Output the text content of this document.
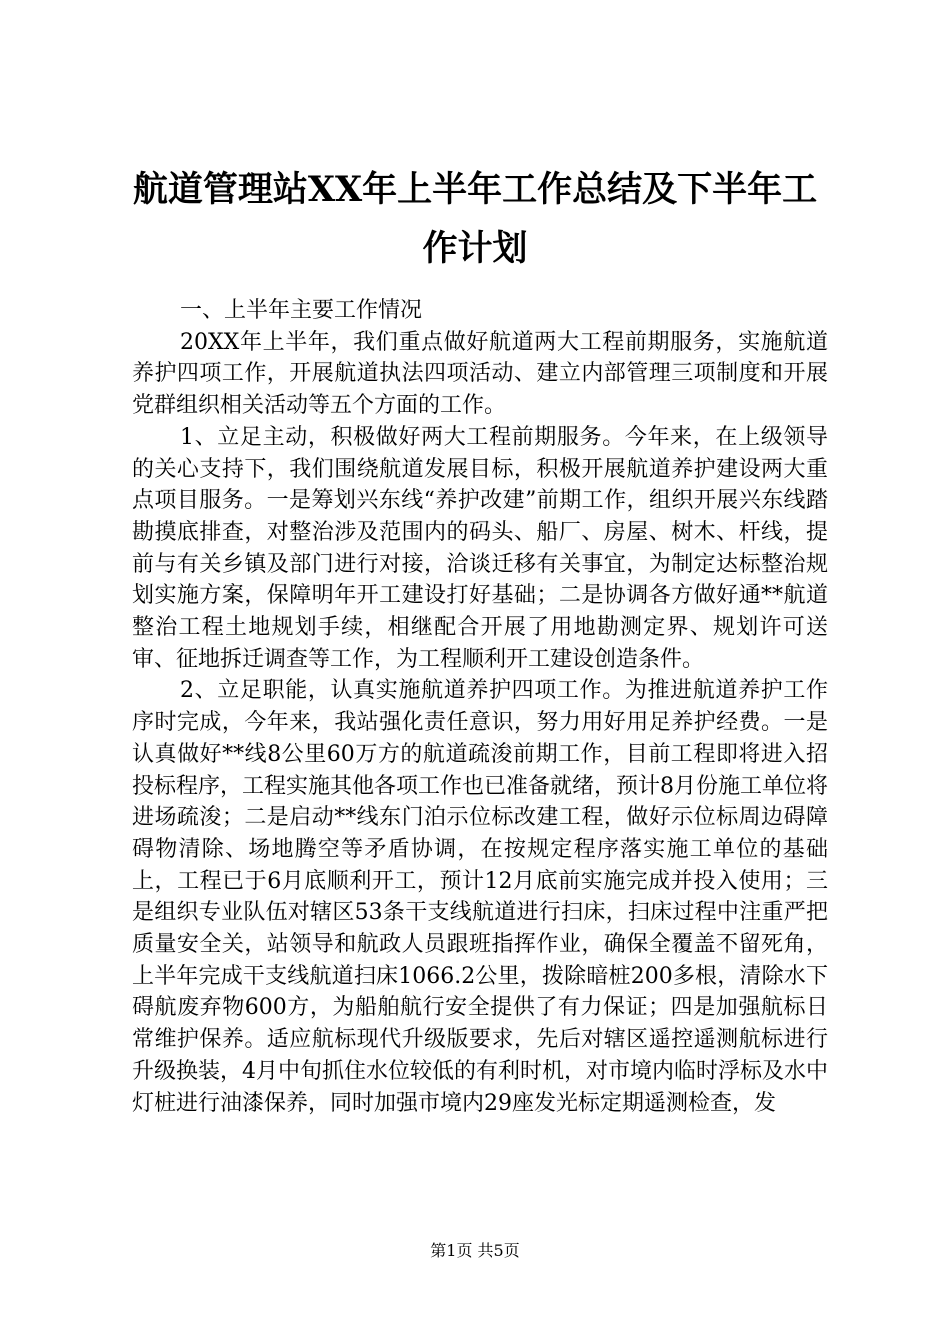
航道管理站XX年上半年工作总结及下半年工作计划

一、上半年主要工作情况

20XX年上半年，我们重点做好航道两大工程前期服务，实施航道养护四项工作，开展航道执法四项活动、建立内部管理三项制度和开展党群组织相关活动等五个方面的工作。

1、立足主动，积极做好两大工程前期服务。今年来，在上级领导的关心支持下，我们围绕航道发展目标，积极开展航道养护建设两大重点项目服务。一是筹划兴东线“养护改建”前期工作，组织开展兴东线踏勘摸底排查，对整治涉及范围内的码头、船厂、房屋、树木、杆线，提前与有关乡镇及部门进行对接，洽谈迁移有关事宜，为制定达标整治规划实施方案，保障明年开工建设打好基础；二是协调各方做好通**航道整治工程土地规划手续，相继配合开展了用地勘测定界、规划许可送审、征地拆迁调查等工作，为工程顺利开工建设创造条件。

2、立足职能，认真实施航道养护四项工作。为推进航道养护工作序时完成，今年来，我站强化责任意识，努力用好用足养护经费。一是认真做好**线8公里60万方的航道疏浚前期工作，目前工程即将进入招投标程序，工程实施其他各项工作也已准备就绪，预计8月份施工单位将进场疏浚；二是启动**线东门泊示位标改建工程，做好示位标周边碍障碍物清除、场地腾空等矛盾协调，在按规定程序落实施工单位的基础上，工程已于6月底顺利开工，预计12月底前实施完成并投入使用；三是组织专业队伍对辖区53条干支线航道进行扫床，扫床过程中注重严把质量安全关，站领导和航政人员跟班指挥作业，确保全覆盖不留死角，上半年完成干支线航道扫床1066.2公里，拨除暗桩200多根，清除水下碍航废弃物600方，为船舶航行安全提供了有力保证；四是加强航标日常维护保养。适应航标现代升级版要求，先后对辖区遥控遥测航标进行升级换装，4月中旬抓住水位较低的有利时机，对市境内临时浮标及水中灯桩进行油漆保养，同时加强市境内29座发光标定期遥测检查，发

第1页 共5页
